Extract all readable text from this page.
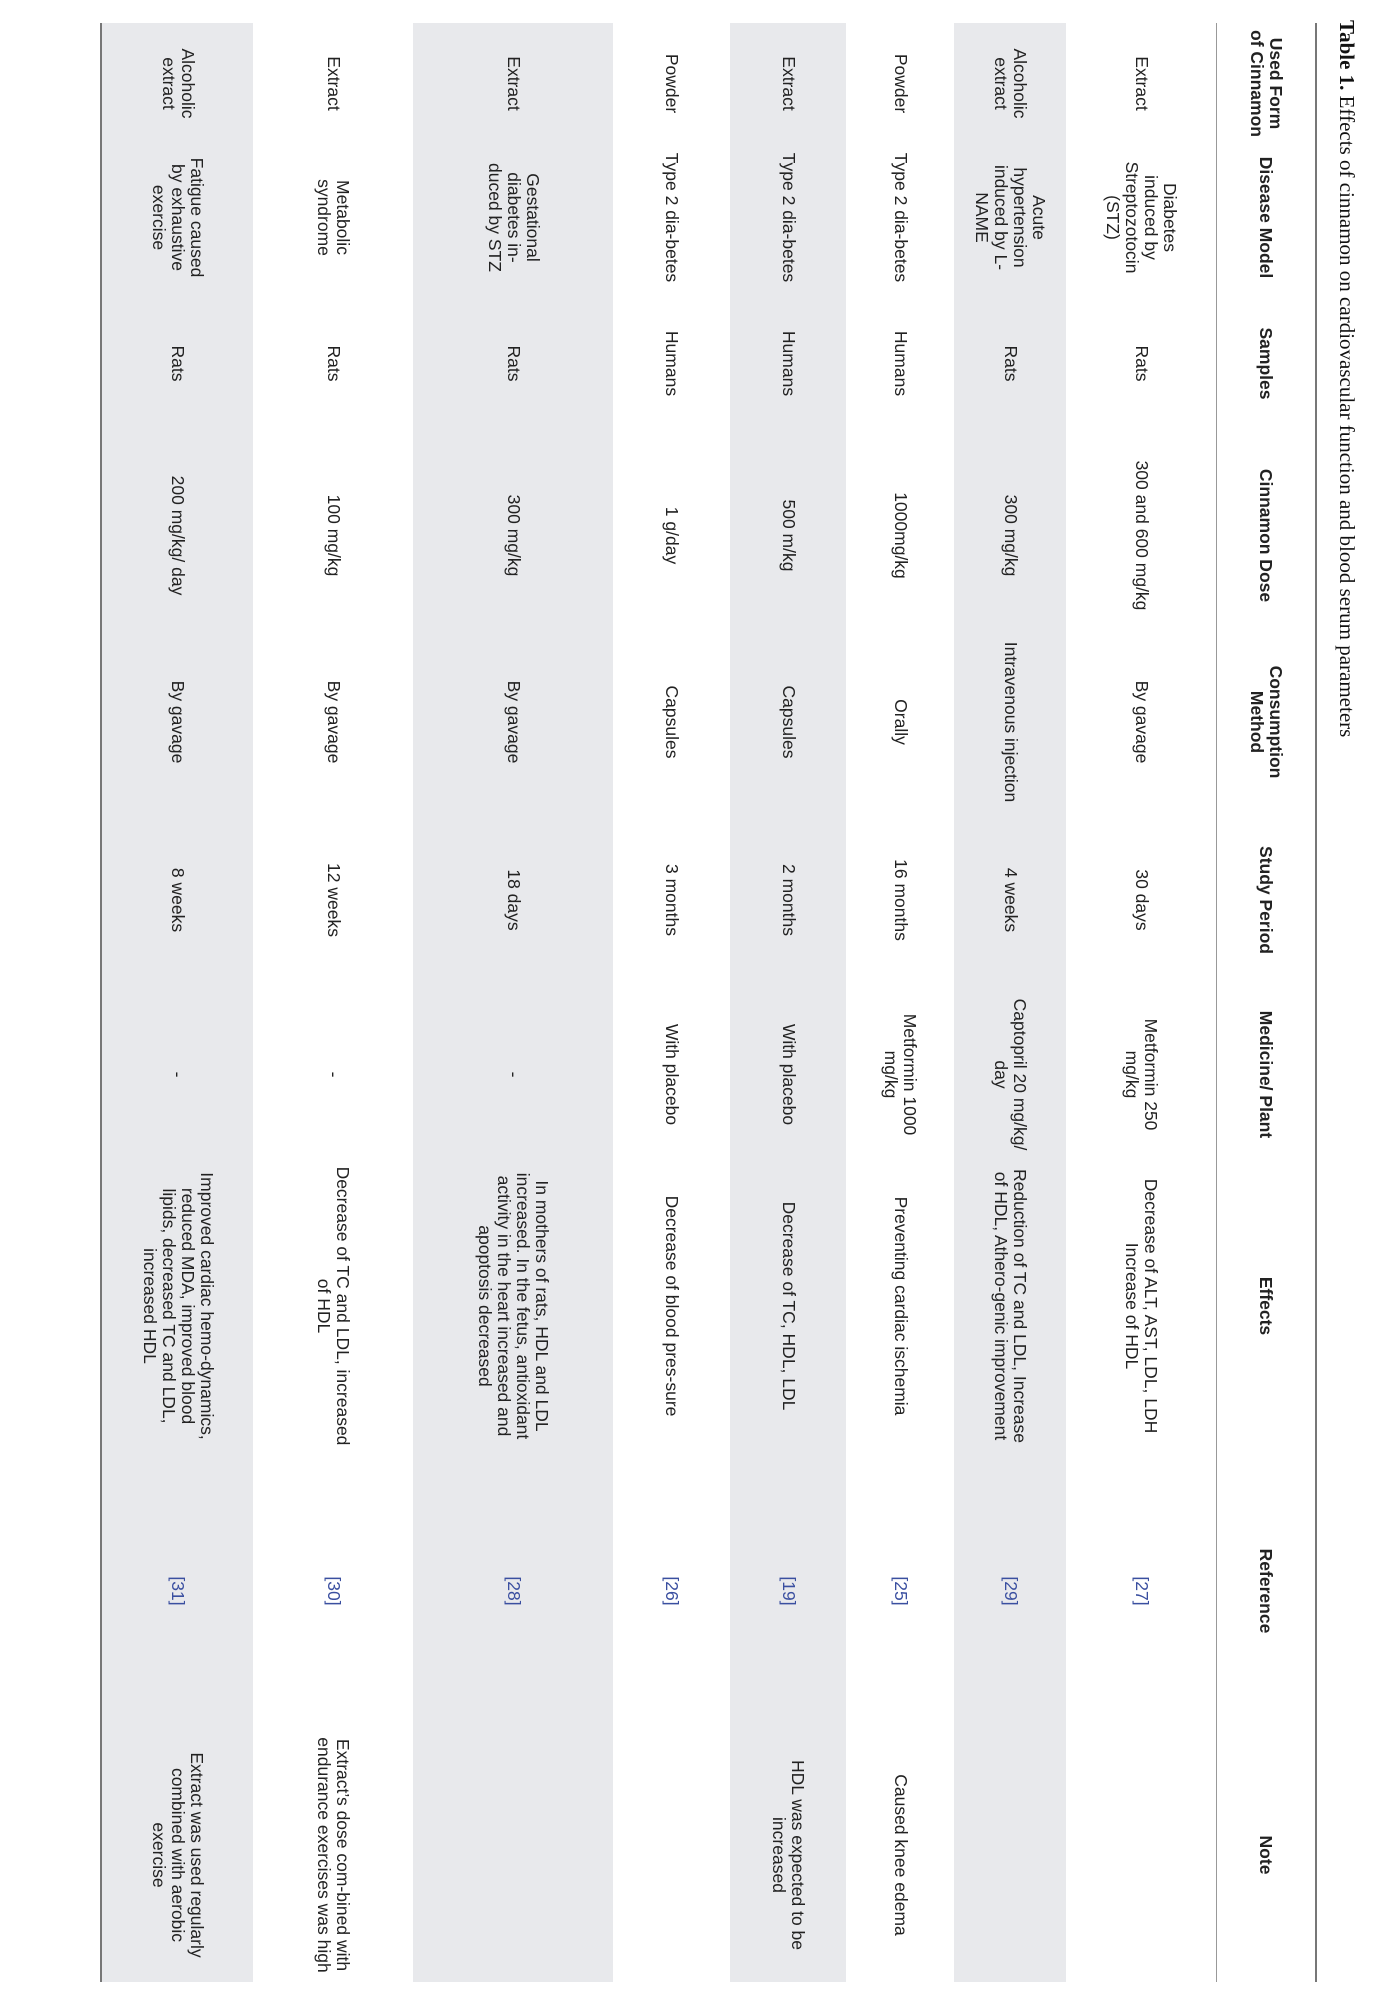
Table 1. Effects of cinnamon on cardiovascular function and blood serum parameters
Used Form of Cinnamon	Disease Model	Samples	Cinnamon Dose	Consumption Method	Study Period	Medicine/ Plant	Effects	Reference	Note
Extract	Diabetes induced by Streptozotocin (STZ)	Rats	300 and 600 mg/kg	By gavage	30 days	Metformin 250 mg/kg	Decrease of ALT, AST, LDL, LDH Increase of HDL	[27]	
Alcoholic extract	Acute hypertension induced by L-NAME	Rats	300 mg/kg	Intravenous injection	4 weeks	Captopril 20 mg/kg/ day	Reduction of TC and LDL, Increase of HDL, Athero-genic improvement	[29]	
Powder	Type 2 dia-betes	Humans	1000mg/kg	Orally	16 months	Metformin 1000 mg/kg	Preventing cardiac ischemia	[25]	Caused knee edema
Extract	Type 2 dia-betes	Humans	500 m/kg	Capsules	2 months	With placebo	Decrease of TC, HDL, LDL	[19]	HDL was expected to be increased
Powder	Type 2 dia-betes	Humans	1 g/day	Capsules	3 months	With placebo	Decrease of blood pres-sure	[26]	
Extract	Gestational diabetes in-duced by STZ	Rats	300 mg/kg	By gavage	18 days	-	In mothers of rats, HDL and LDL increased. In the fetus, antioxidant activity in the heart increased and apoptosis decreased	[28]	
Extract	Metabolic syndrome	Rats	100 mg/kg	By gavage	12 weeks	-	Decrease of TC and LDL, increased of HDL	[30]	Extract’s dose com-bined with endurance exercises was high
Alcoholic extract	Fatigue caused by exhaustive exercise	Rats	200 mg/kg/ day	By gavage	8 weeks	-	Improved cardiac hemo-dynamics, reduced MDA, improved blood lipids, decreased TC and LDL, increased HDL	[31]	Extract was used regularly combined with aerobic exercise
